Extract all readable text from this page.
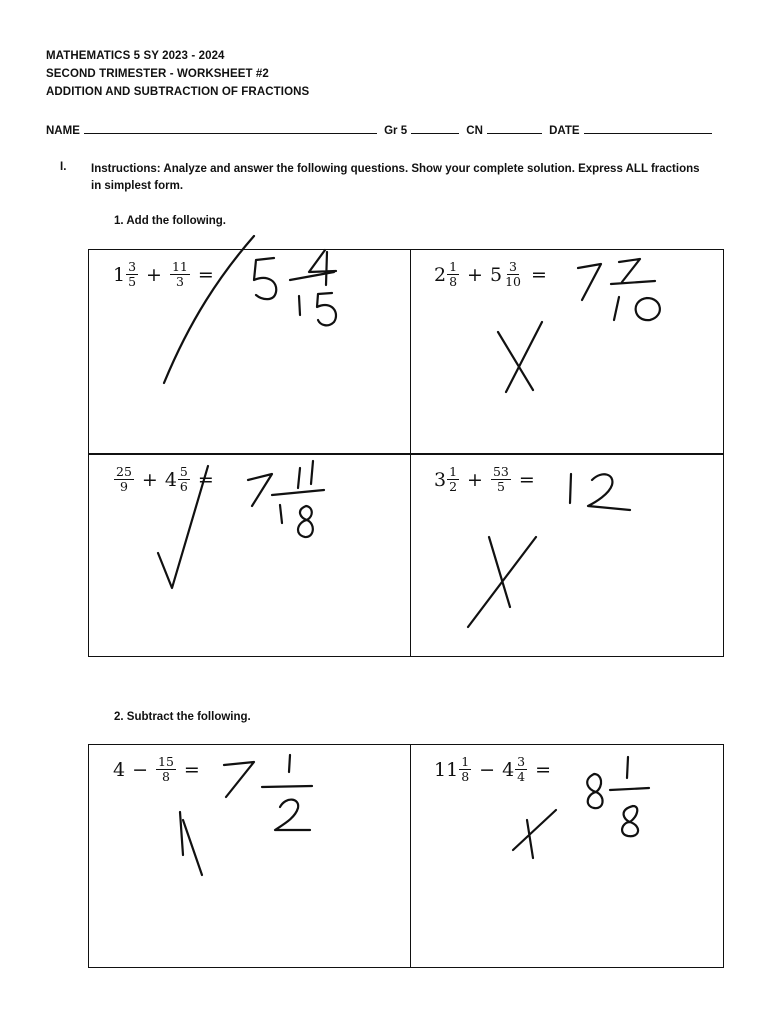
MATHEMATICS 5 SY 2023 - 2024
SECOND TRIMESTER - WORKSHEET #2
ADDITION AND SUBTRACTION OF FRACTIONS
NAME	Gr 5	CN	DATE
I. Instructions: Analyze and answer the following questions. Show your complete solution. Express ALL fractions in simplest form.
1. Add the following.
$1 \frac{3}{5} + \frac{11}{3}$ =	$2 \frac{1}{8} + 5 \frac{3}{10}$ =
$\frac{25}{9} + 4 \frac{5}{6}$ =	$3 \frac{1}{2} + \frac{53}{5}$ =
2. Subtract the following.
$4 - \frac{15}{8}$ =	$11 \frac{1}{8} - 4 \frac{3}{4}$ =
